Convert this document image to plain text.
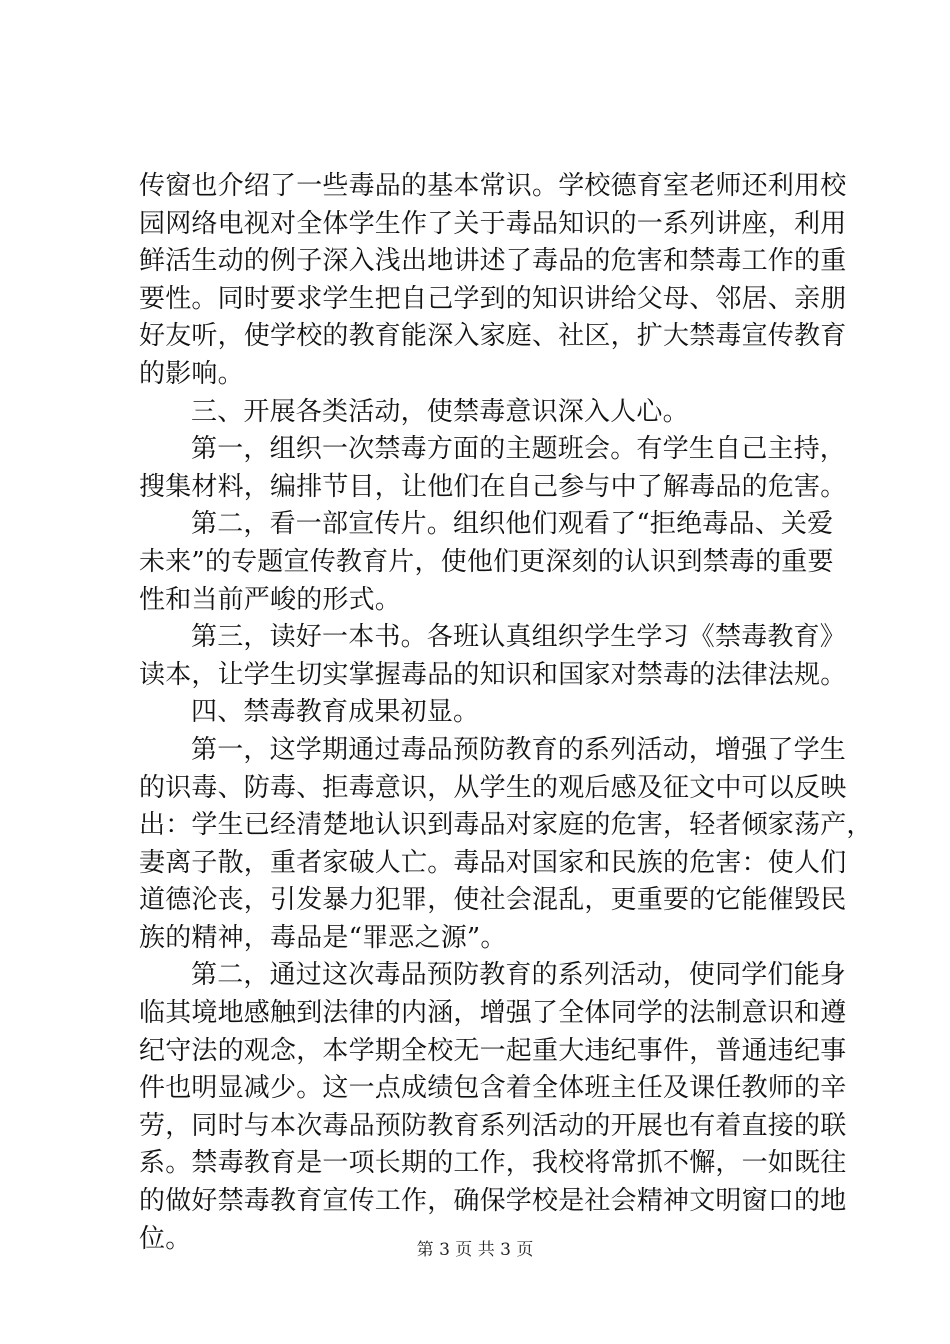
传窗也介绍了一些毒品的基本常识。学校德育室老师还利用校
园网络电视对全体学生作了关于毒品知识的一系列讲座，利用
鲜活生动的例子深入浅出地讲述了毒品的危害和禁毒工作的重
要性。同时要求学生把自己学到的知识讲给父母、邻居、亲朋
好友听，使学校的教育能深入家庭、社区，扩大禁毒宣传教育
的影响。
三、开展各类活动，使禁毒意识深入人心。
第一，组织一次禁毒方面的主题班会。有学生自己主持，
搜集材料，编排节目，让他们在自己参与中了解毒品的危害。
第二，看一部宣传片。组织他们观看了“拒绝毒品、关爱
未来”的专题宣传教育片，使他们更深刻的认识到禁毒的重要
性和当前严峻的形式。
第三，读好一本书。各班认真组织学生学习《禁毒教育》
读本，让学生切实掌握毒品的知识和国家对禁毒的法律法规。
四、禁毒教育成果初显。
第一，这学期通过毒品预防教育的系列活动，增强了学生
的识毒、防毒、拒毒意识，从学生的观后感及征文中可以反映
出：学生已经清楚地认识到毒品对家庭的危害，轻者倾家荡产，
妻离子散，重者家破人亡。毒品对国家和民族的危害：使人们
道德沦丧，引发暴力犯罪，使社会混乱，更重要的它能催毁民
族的精神，毒品是“罪恶之源”。
第二，通过这次毒品预防教育的系列活动，使同学们能身
临其境地感触到法律的内涵，增强了全体同学的法制意识和遵
纪守法的观念，本学期全校无一起重大违纪事件，普通违纪事
件也明显减少。这一点成绩包含着全体班主任及课任教师的辛
劳，同时与本次毒品预防教育系列活动的开展也有着直接的联
系。禁毒教育是一项长期的工作，我校将常抓不懈，一如既往
的做好禁毒教育宣传工作，确保学校是社会精神文明窗口的地
位。	第 3 页 共 3 页
